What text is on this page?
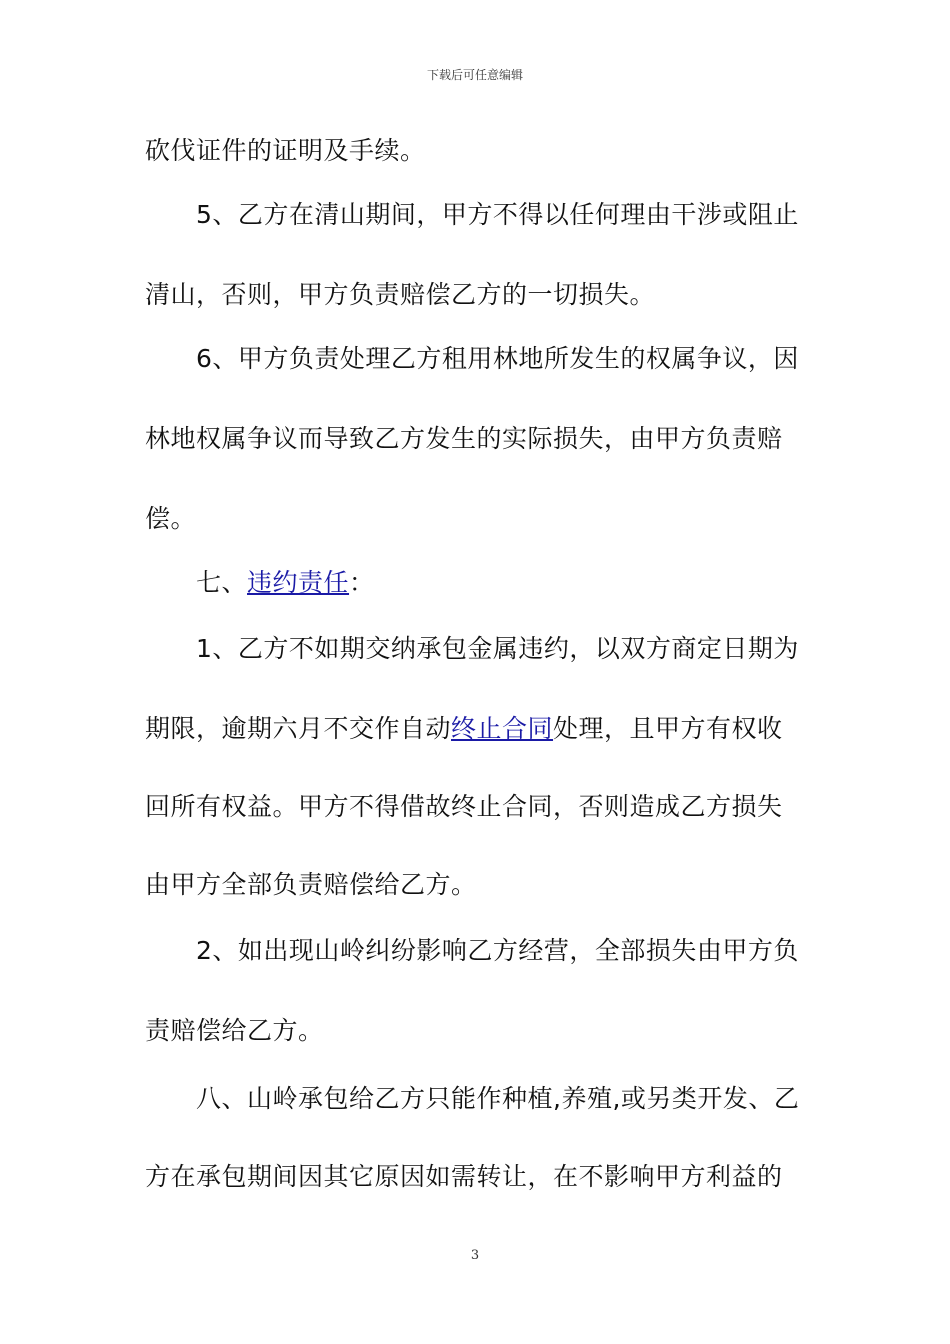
下载后可任意编辑
砍伐证件的证明及手续。
5、乙方在清山期间，甲方不得以任何理由干涉或阻止
清山，否则，甲方负责赔偿乙方的一切损失。
6、甲方负责处理乙方租用林地所发生的权属争议，因
林地权属争议而导致乙方发生的实际损失，由甲方负责赔
偿。
七、违约责任：
1、乙方不如期交纳承包金属违约，以双方商定日期为
期限，逾期六月不交作自动终止合同处理，且甲方有权收
回所有权益。甲方不得借故终止合同，否则造成乙方损失
由甲方全部负责赔偿给乙方。
2、如出现山岭纠纷影响乙方经营，全部损失由甲方负
责赔偿给乙方。
八、山岭承包给乙方只能作种植,养殖,或另类开发、乙
方在承包期间因其它原因如需转让，在不影响甲方利益的
3
